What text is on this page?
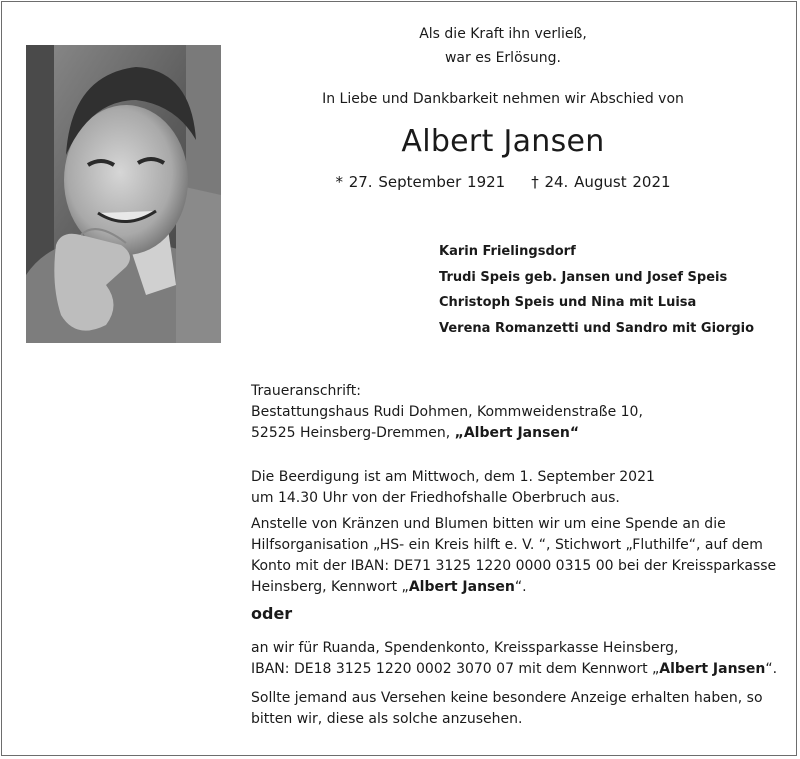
Als die Kraft ihn verließ,
war es Erlösung.
In Liebe und Dankbarkeit nehmen wir Abschied von
Albert Jansen
* 27. September 1921 † 24. August 2021
Karin Frielingsdorf
Trudi Speis geb. Jansen und Josef Speis
Christoph Speis und Nina mit Luisa
Verena Romanzetti und Sandro mit Giorgio
Traueranschrift:
Bestattungshaus Rudi Dohmen, Kommweidenstraße 10,
52525 Heinsberg-Dremmen, „Albert Jansen“
Die Beerdigung ist am Mittwoch, dem 1. September 2021
um 14.30 Uhr von der Friedhofshalle Oberbruch aus.
Anstelle von Kränzen und Blumen bitten wir um eine Spende an die
Hilfsorganisation „HS- ein Kreis hilft e. V. “, Stichwort „Fluthilfe“, auf dem
Konto mit der IBAN: DE71 3125 1220 0000 0315 00 bei der Kreissparkasse
Heinsberg, Kennwort „Albert Jansen“.
oder
an wir für Ruanda, Spendenkonto, Kreissparkasse Heinsberg,
IBAN: DE18 3125 1220 0002 3070 07 mit dem Kennwort „Albert Jansen“.
Sollte jemand aus Versehen keine besondere Anzeige erhalten haben, so
bitten wir, diese als solche anzusehen.
